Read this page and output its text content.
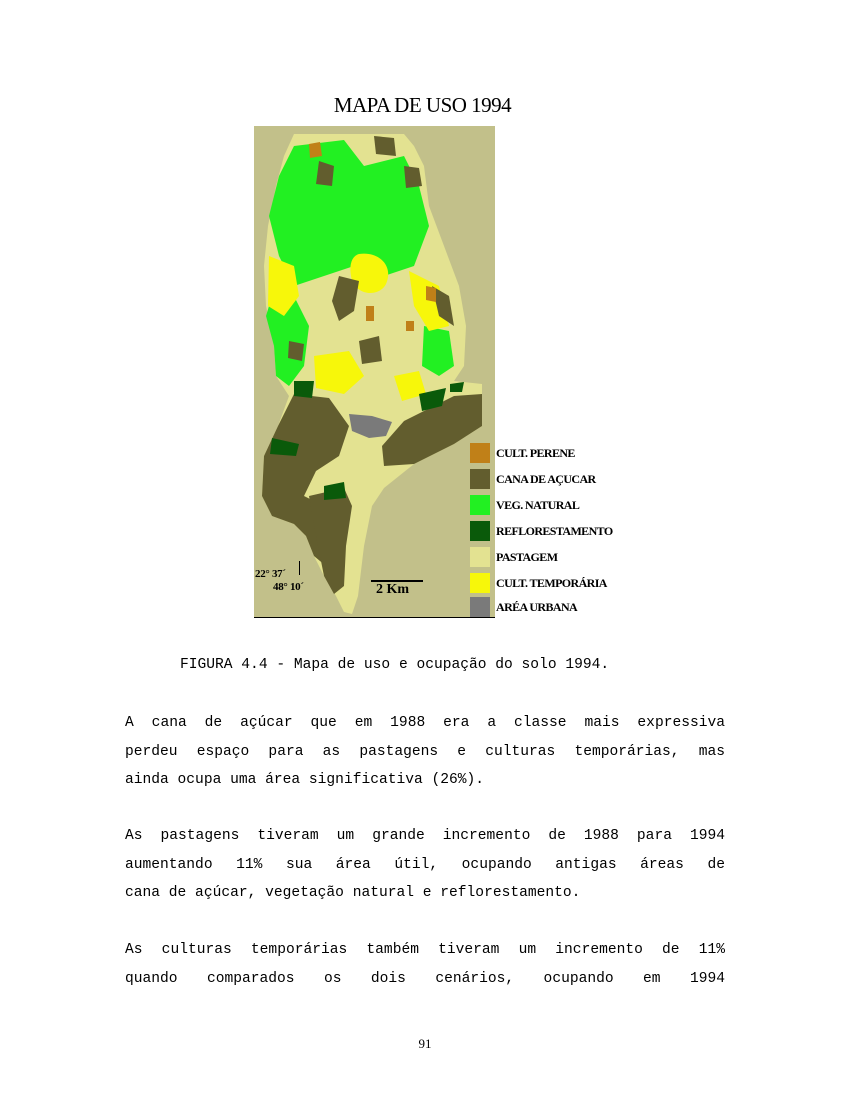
MAPA DE USO 1994
22° 37´
48° 10´	2 Km
CULT. PERENE
CANA DE AÇUCAR
VEG. NATURAL
REFLORESTAMENTO
PASTAGEM
CULT. TEMPORÁRIA
ARÉA URBANA
FIGURA 4.4 - Mapa de uso e ocupação do solo 1994.
A cana de açúcar que em 1988 era a classe mais expressiva
perdeu espaço para as pastagens e culturas temporárias, mas
ainda ocupa uma área significativa (26%).
As pastagens tiveram um grande incremento de 1988 para 1994
aumentando 11% sua área útil, ocupando antigas áreas de
cana de açúcar, vegetação natural e reflorestamento.
As culturas temporárias também tiveram um incremento de 11%
quando comparados os dois cenários, ocupando em 1994
91
